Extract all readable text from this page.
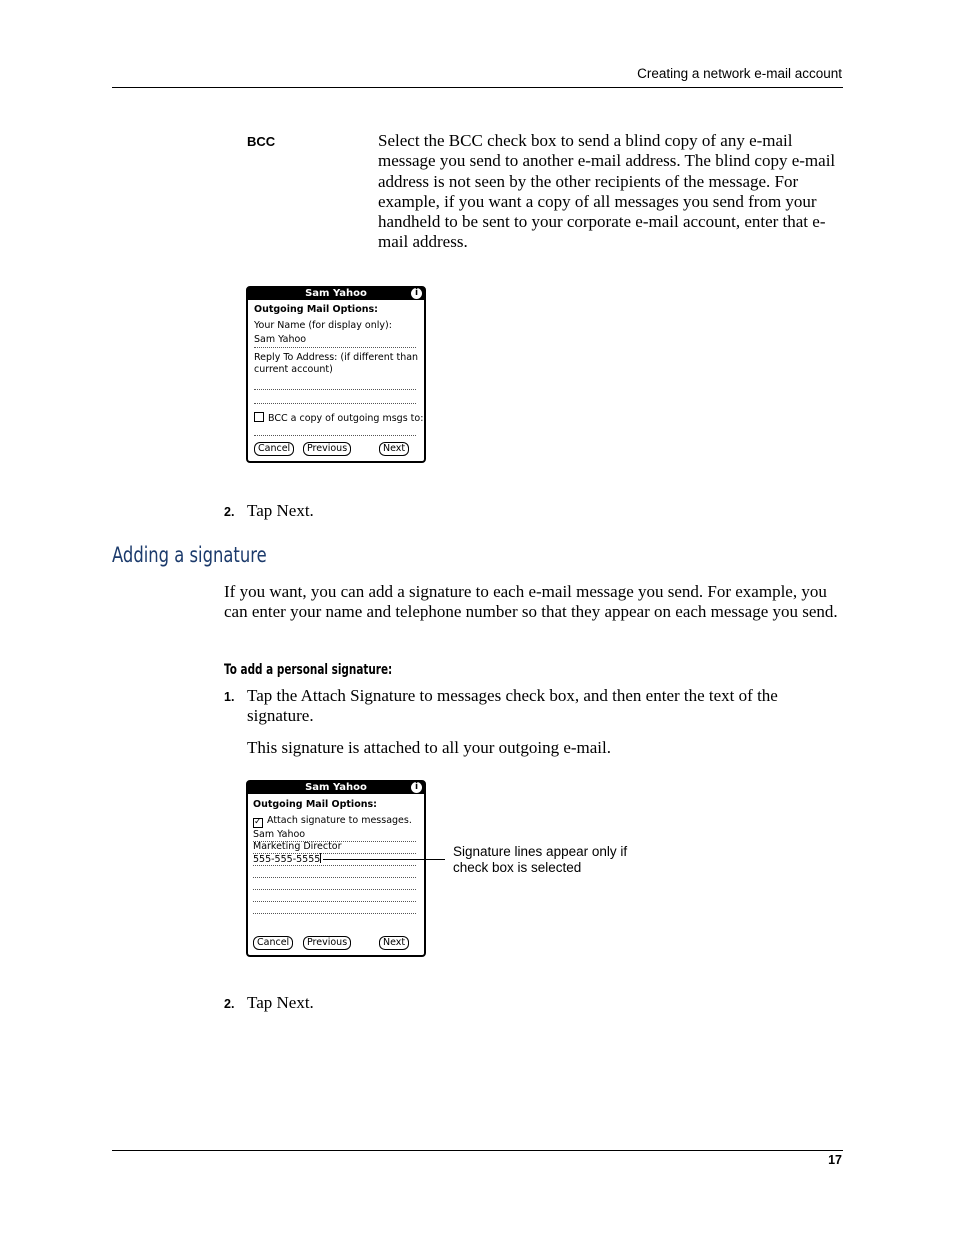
Creating a network e-mail account
BCC	Select the BCC check box to send a blind copy of any e-mail message you send to another e-mail address. The blind copy e-mail address is not seen by the other recipients of the message. For example, if you want a copy of all messages you send from your handheld to be sent to your corporate e-mail account, enter that e-mail address.
Sam Yahoo	i
Outgoing Mail Options:
Your Name (for display only):
Sam Yahoo
Reply To Address: (if different than
current account)
BCC a copy of outgoing msgs to:
Cancel	Previous	Next
2. Tap Next.
Adding a signature
If you want, you can add a signature to each e-mail message you send. For example, you can enter your name and telephone number so that they appear on each message you send.
To add a personal signature:
1. Tap the Attach Signature to messages check box, and then enter the text of the signature.
This signature is attached to all your outgoing e-mail.
Sam Yahoo	i
Outgoing Mail Options:
✓ Attach signature to messages.
Sam Yahoo
Marketing Director
555-555-5555
Cancel	Previous	Next
Signature lines appear only if check box is selected
2. Tap Next.
17
